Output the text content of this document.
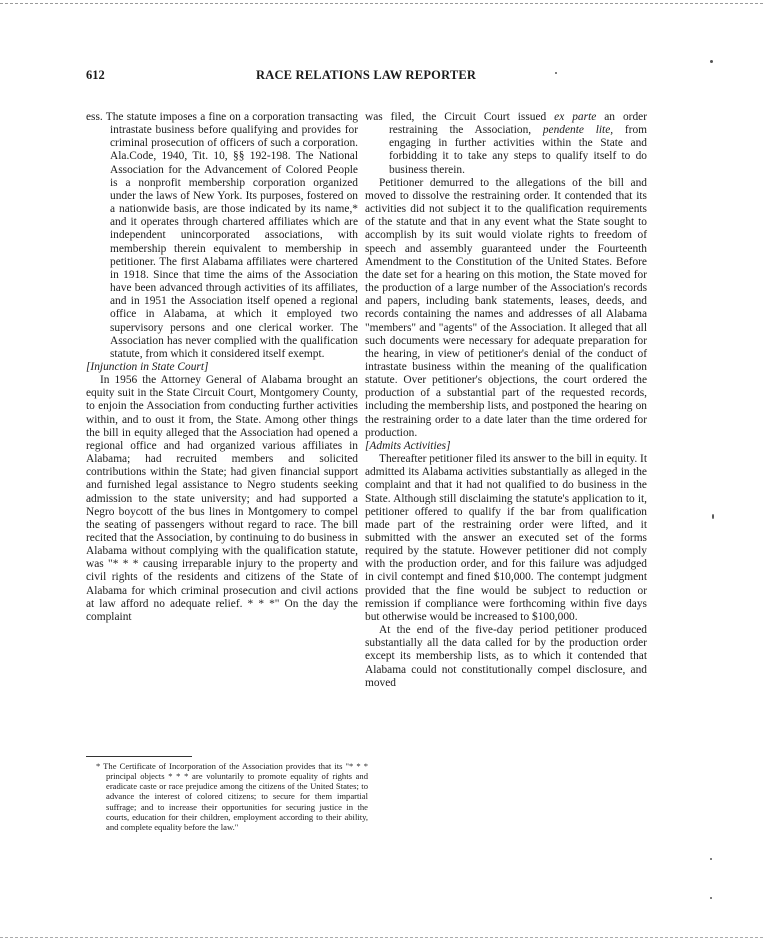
612	RACE RELATIONS LAW REPORTER

ess. The statute imposes a fine on a corporation transacting intrastate business before qualifying and provides for criminal prosecution of officers of such a corporation. Ala.Code, 1940, Tit. 10, §§ 192-198. The National Association for the Advancement of Colored People is a nonprofit membership corporation organized under the laws of New York. Its purposes, fostered on a nationwide basis, are those indicated by its name,* and it operates through chartered affiliates which are independent unincorporated associations, with membership therein equivalent to membership in petitioner. The first Alabama affiliates were chartered in 1918. Since that time the aims of the Association have been advanced through activities of its affiliates, and in 1951 the Association itself opened a regional office in Alabama, at which it employed two supervisory persons and one clerical worker. The Association has never complied with the qualification statute, from which it considered itself exempt.

[Injunction in State Court]

In 1956 the Attorney General of Alabama brought an equity suit in the State Circuit Court, Montgomery County, to enjoin the Association from conducting further activities within, and to oust it from, the State. Among other things the bill in equity alleged that the Association had opened a regional office and had organized various affiliates in Alabama; had recruited members and solicited contributions within the State; had given financial support and furnished legal assistance to Negro students seeking admission to the state university; and had supported a Negro boycott of the bus lines in Montgomery to compel the seating of passengers without regard to race. The bill recited that the Association, by continuing to do business in Alabama without complying with the qualification statute, was "* * * causing irreparable injury to the property and civil rights of the residents and citizens of the State of Alabama for which criminal prosecution and civil actions at law afford no adequate relief. * * *" On the day the complaint

was filed, the Circuit Court issued ex parte an order restraining the Association, pendente lite, from engaging in further activities within the State and forbidding it to take any steps to qualify itself to do business therein.

Petitioner demurred to the allegations of the bill and moved to dissolve the restraining order. It contended that its activities did not subject it to the qualification requirements of the statute and that in any event what the State sought to accomplish by its suit would violate rights to freedom of speech and assembly guaranteed under the Fourteenth Amendment to the Constitution of the United States. Before the date set for a hearing on this motion, the State moved for the production of a large number of the Association's records and papers, including bank statements, leases, deeds, and records containing the names and addresses of all Alabama "members" and "agents" of the Association. It alleged that all such documents were necessary for adequate preparation for the hearing, in view of petitioner's denial of the conduct of intrastate business within the meaning of the qualification statute. Over petitioner's objections, the court ordered the production of a substantial part of the requested records, including the membership lists, and postponed the hearing on the restraining order to a date later than the time ordered for production.

[Admits Activities]

Thereafter petitioner filed its answer to the bill in equity. It admitted its Alabama activities substantially as alleged in the complaint and that it had not qualified to do business in the State. Although still disclaiming the statute's application to it, petitioner offered to qualify if the bar from qualification made part of the restraining order were lifted, and it submitted with the answer an executed set of the forms required by the statute. However petitioner did not comply with the production order, and for this failure was adjudged in civil contempt and fined $10,000. The contempt judgment provided that the fine would be subject to reduction or remission if compliance were forthcoming within five days but otherwise would be increased to $100,000.

At the end of the five-day period petitioner produced substantially all the data called for by the production order except its membership lists, as to which it contended that Alabama could not constitutionally compel disclosure, and moved

* The Certificate of Incorporation of the Association provides that its "* * * principal objects * * * are voluntarily to promote equality of rights and eradicate caste or race prejudice among the citizens of the United States; to advance the interest of colored citizens; to secure for them impartial suffrage; and to increase their opportunities for securing justice in the courts, education for their children, employment according to their ability, and complete equality before the law."
